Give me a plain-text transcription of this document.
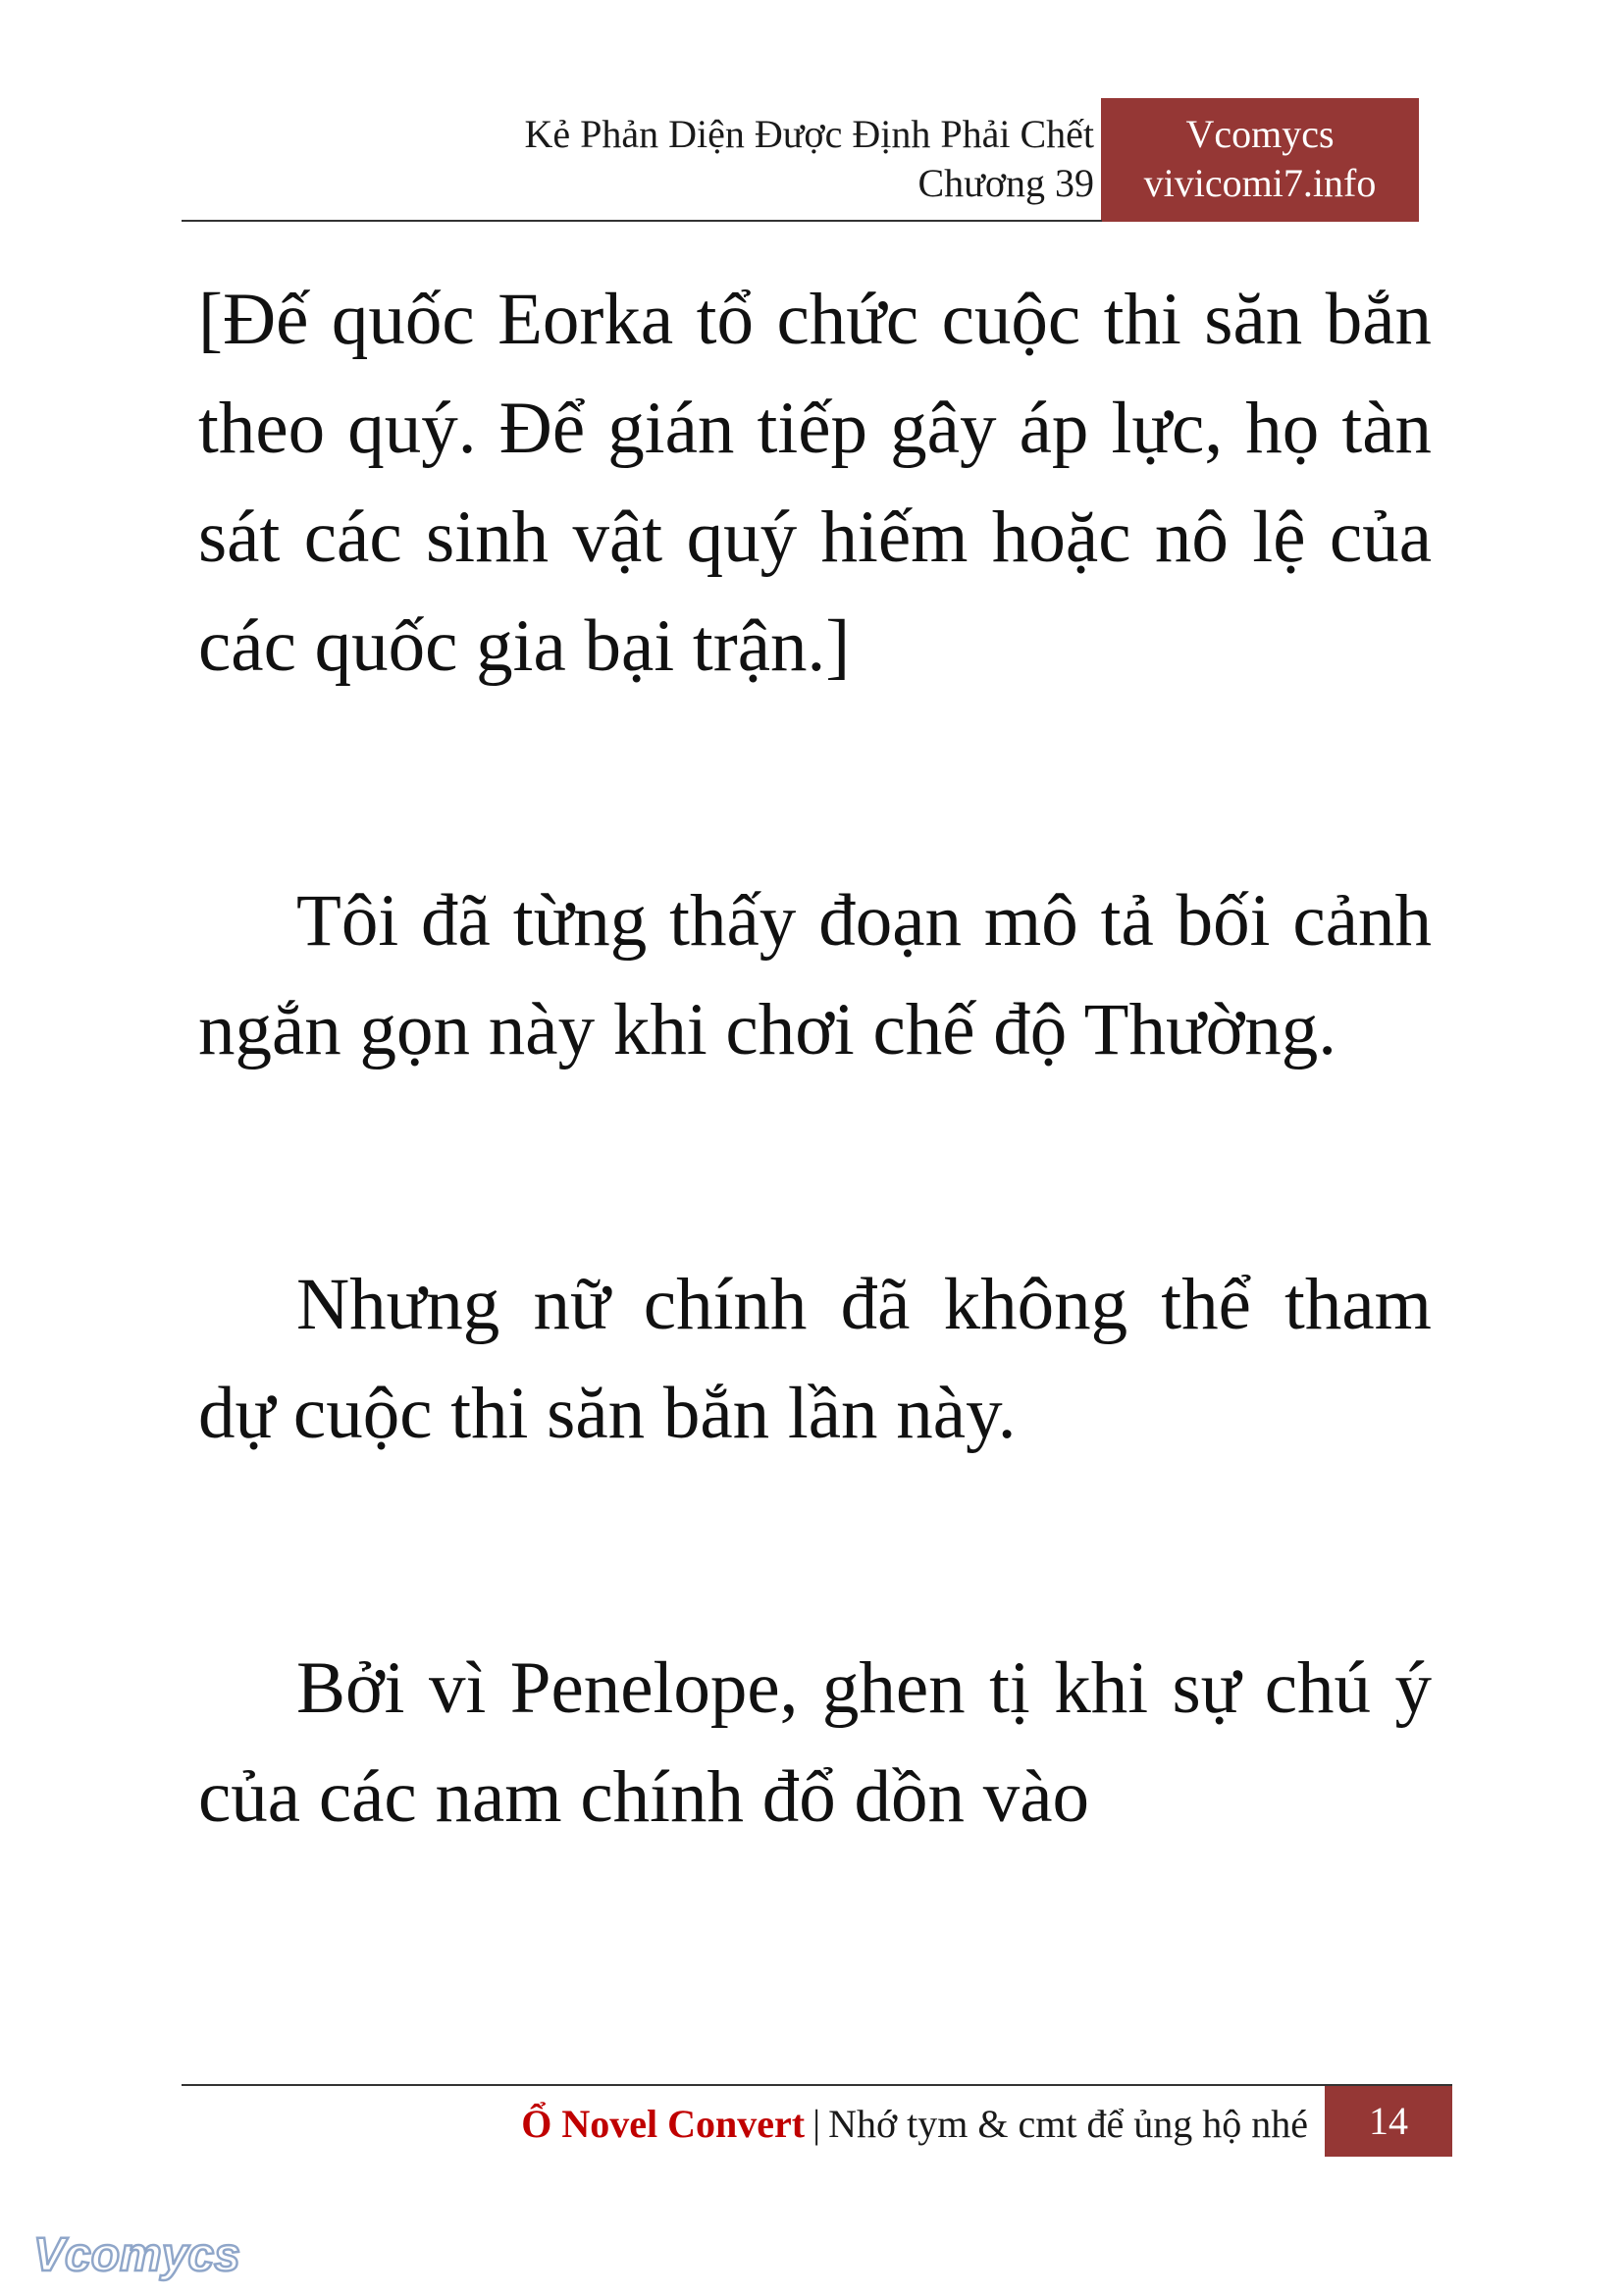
Kẻ Phản Diện Được Định Phải Chết
Chương 39
Vcomycs
vivicomi7.info

[Đế quốc Eorka tổ chức cuộc thi săn bắn theo quý. Để gián tiếp gây áp lực, họ tàn sát các sinh vật quý hiếm hoặc nô lệ của các quốc gia bại trận.]

Tôi đã từng thấy đoạn mô tả bối cảnh ngắn gọn này khi chơi chế độ Thường.

Nhưng nữ chính đã không thể tham dự cuộc thi săn bắn lần này.

Bởi vì Penelope, ghen tị khi sự chú ý của các nam chính đổ dồn vào

Ổ Novel Convert | Nhớ tym & cmt để ủng hộ nhé	14
Vcomycs
